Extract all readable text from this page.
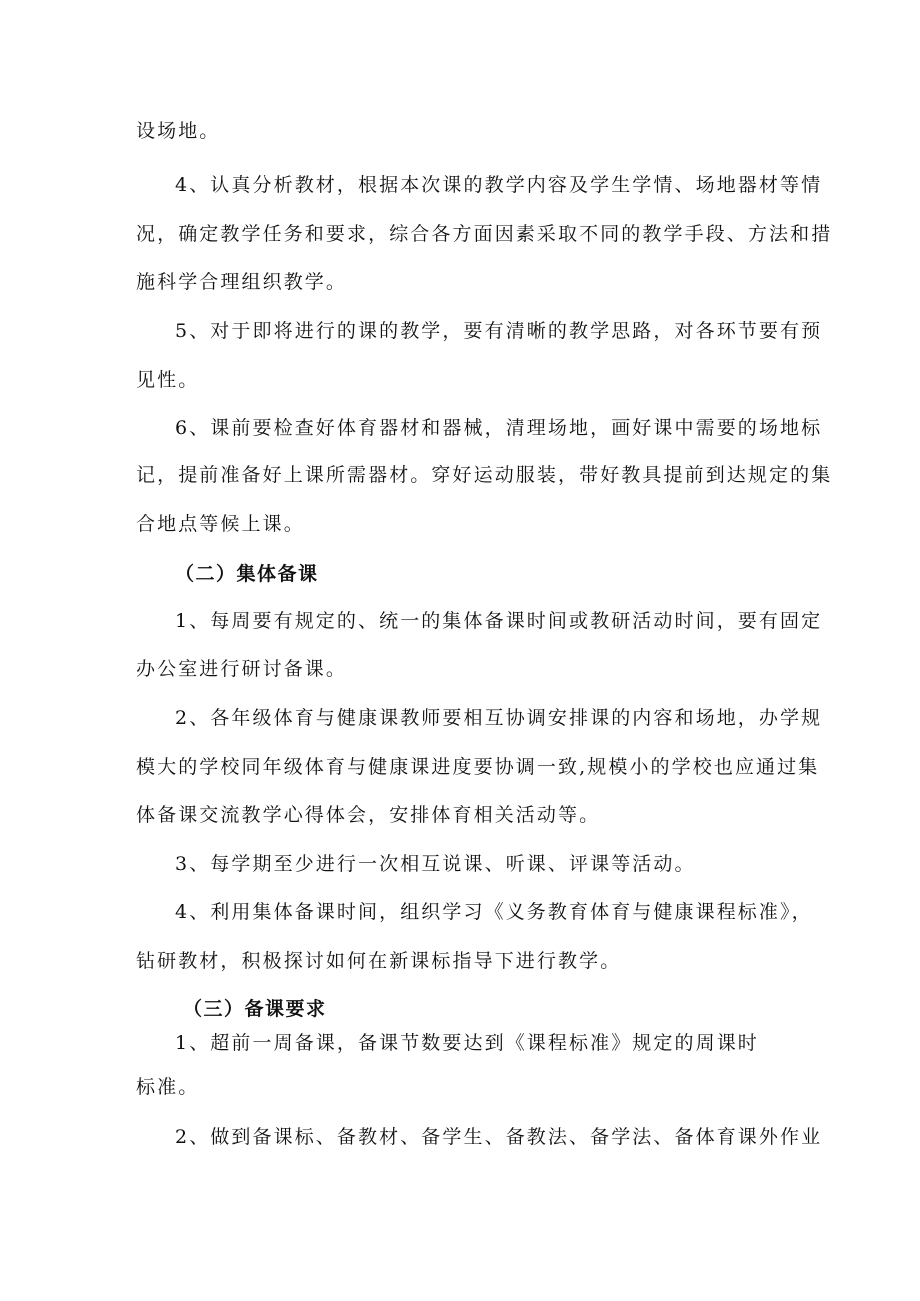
设场地。
4、认真分析教材，根据本次课的教学内容及学生学情、场地器材等情
况，确定教学任务和要求，综合各方面因素采取不同的教学手段、方法和措
施科学合理组织教学。
5、对于即将进行的课的教学，要有清晰的教学思路，对各环节要有预
见性。
6、课前要检查好体育器材和器械，清理场地，画好课中需要的场地标
记，提前准备好上课所需器材。穿好运动服装，带好教具提前到达规定的集
合地点等候上课。
（二）集体备课
1、每周要有规定的、统一的集体备课时间或教研活动时间，要有固定
办公室进行研讨备课。
2、各年级体育与健康课教师要相互协调安排课的内容和场地，办学规
模大的学校同年级体育与健康课进度要协调一致,规模小的学校也应通过集
体备课交流教学心得体会，安排体育相关活动等。
3、每学期至少进行一次相互说课、听课、评课等活动。
4、利用集体备课时间，组织学习《义务教育体育与健康课程标准》，
钻研教材，积极探讨如何在新课标指导下进行教学。
（三）备课要求
1、超前一周备课，备课节数要达到《课程标准》规定的周课时
标准。
2、做到备课标、备教材、备学生、备教法、备学法、备体育课外作业
